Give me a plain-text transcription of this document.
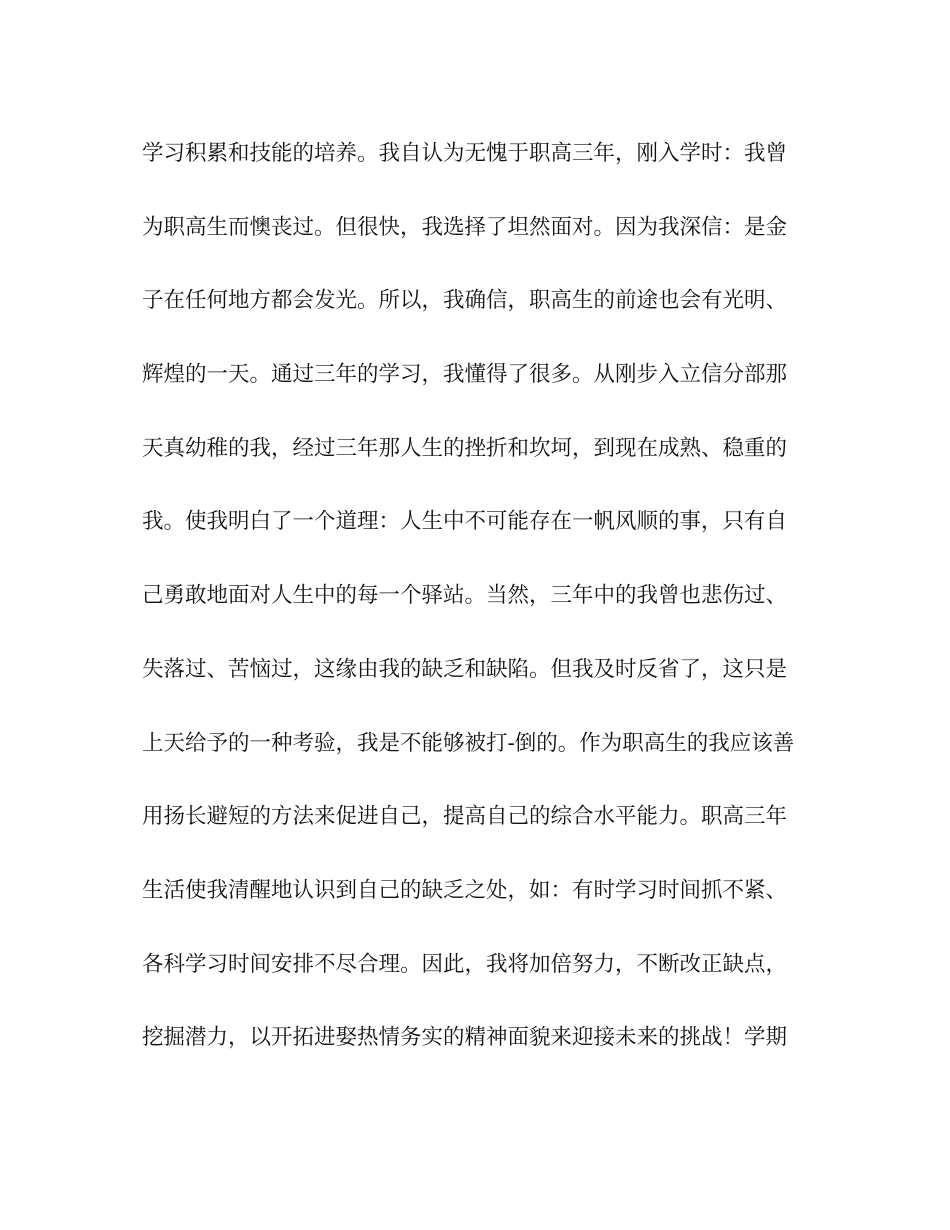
学习积累和技能的培养。我自认为无愧于职高三年，刚入学时：我曾
为职高生而懊丧过。但很快，我选择了坦然面对。因为我深信：是金
子在任何地方都会发光。所以，我确信，职高生的前途也会有光明、
辉煌的一天。通过三年的学习，我懂得了很多。从刚步入立信分部那
天真幼稚的我，经过三年那人生的挫折和坎坷，到现在成熟、稳重的
我。使我明白了一个道理：人生中不可能存在一帆风顺的事，只有自
己勇敢地面对人生中的每一个驿站。当然，三年中的我曾也悲伤过、
失落过、苦恼过，这缘由我的缺乏和缺陷。但我及时反省了，这只是
上天给予的一种考验，我是不能够被打-倒的。作为职高生的我应该善
用扬长避短的方法来促进自己，提高自己的综合水平能力。职高三年
生活使我清醒地认识到自己的缺乏之处，如：有时学习时间抓不紧、
各科学习时间安排不尽合理。因此，我将加倍努力，不断改正缺点，
挖掘潜力，以开拓进娶热情务实的精神面貌来迎接未来的挑战！学期
